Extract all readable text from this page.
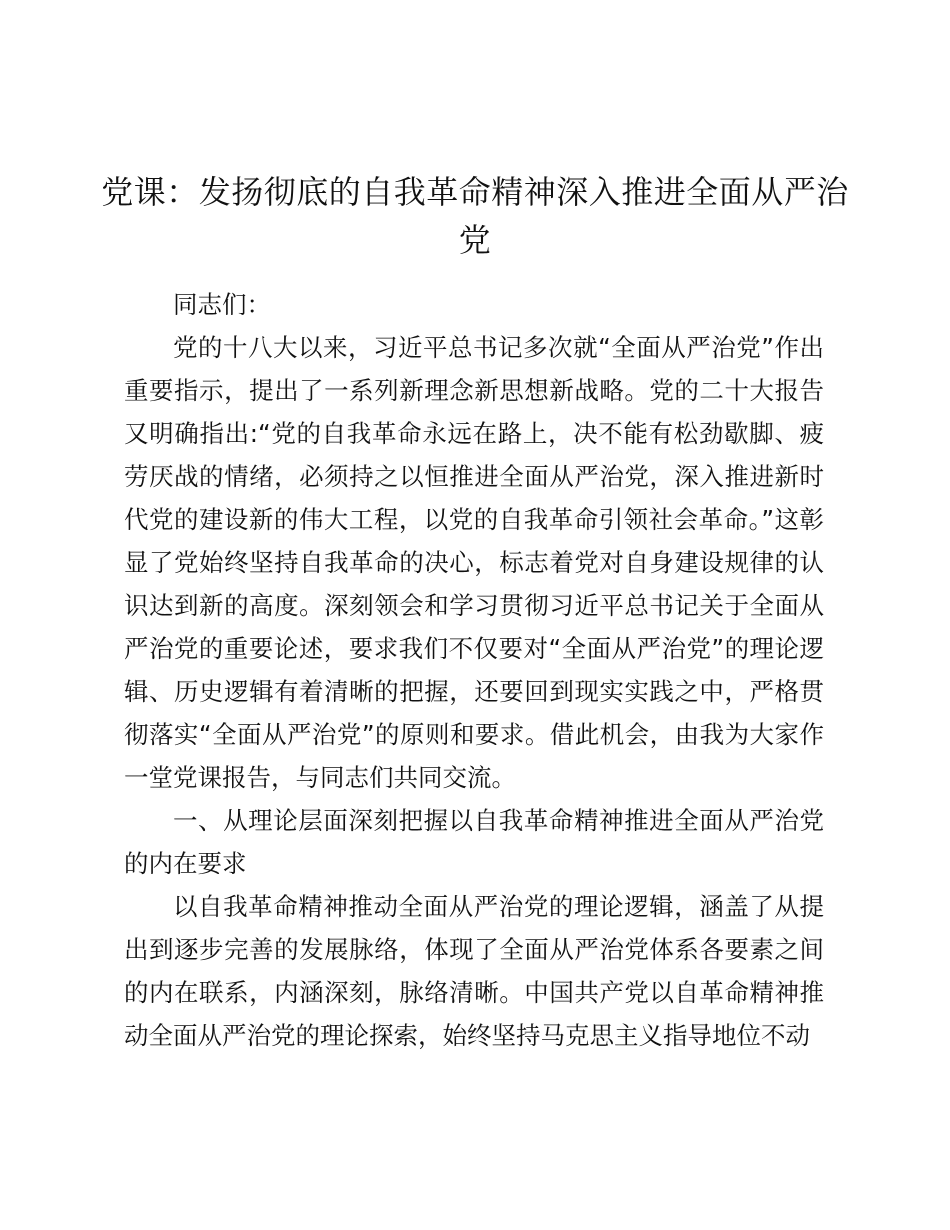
党课：发扬彻底的自我革命精神深入推进全面从严治党

同志们：

党的十八大以来，习近平总书记多次就“全面从严治党”作出重要指示，提出了一系列新理念新思想新战略。党的二十大报告又明确指出:“党的自我革命永远在路上，决不能有松劲歇脚、疲劳厌战的情绪，必须持之以恒推进全面从严治党，深入推进新时代党的建设新的伟大工程，以党的自我革命引领社会革命。”这彰显了党始终坚持自我革命的决心，标志着党对自身建设规律的认识达到新的高度。深刻领会和学习贯彻习近平总书记关于全面从严治党的重要论述，要求我们不仅要对“全面从严治党”的理论逻辑、历史逻辑有着清晰的把握，还要回到现实实践之中，严格贯彻落实“全面从严治党”的原则和要求。借此机会，由我为大家作一堂党课报告，与同志们共同交流。

一、从理论层面深刻把握以自我革命精神推进全面从严治党的内在要求

以自我革命精神推动全面从严治党的理论逻辑，涵盖了从提出到逐步完善的发展脉络，体现了全面从严治党体系各要素之间的内在联系，内涵深刻，脉络清晰。中国共产党以自革命精神推动全面从严治党的理论探索，始终坚持马克思主义指导地位不动
